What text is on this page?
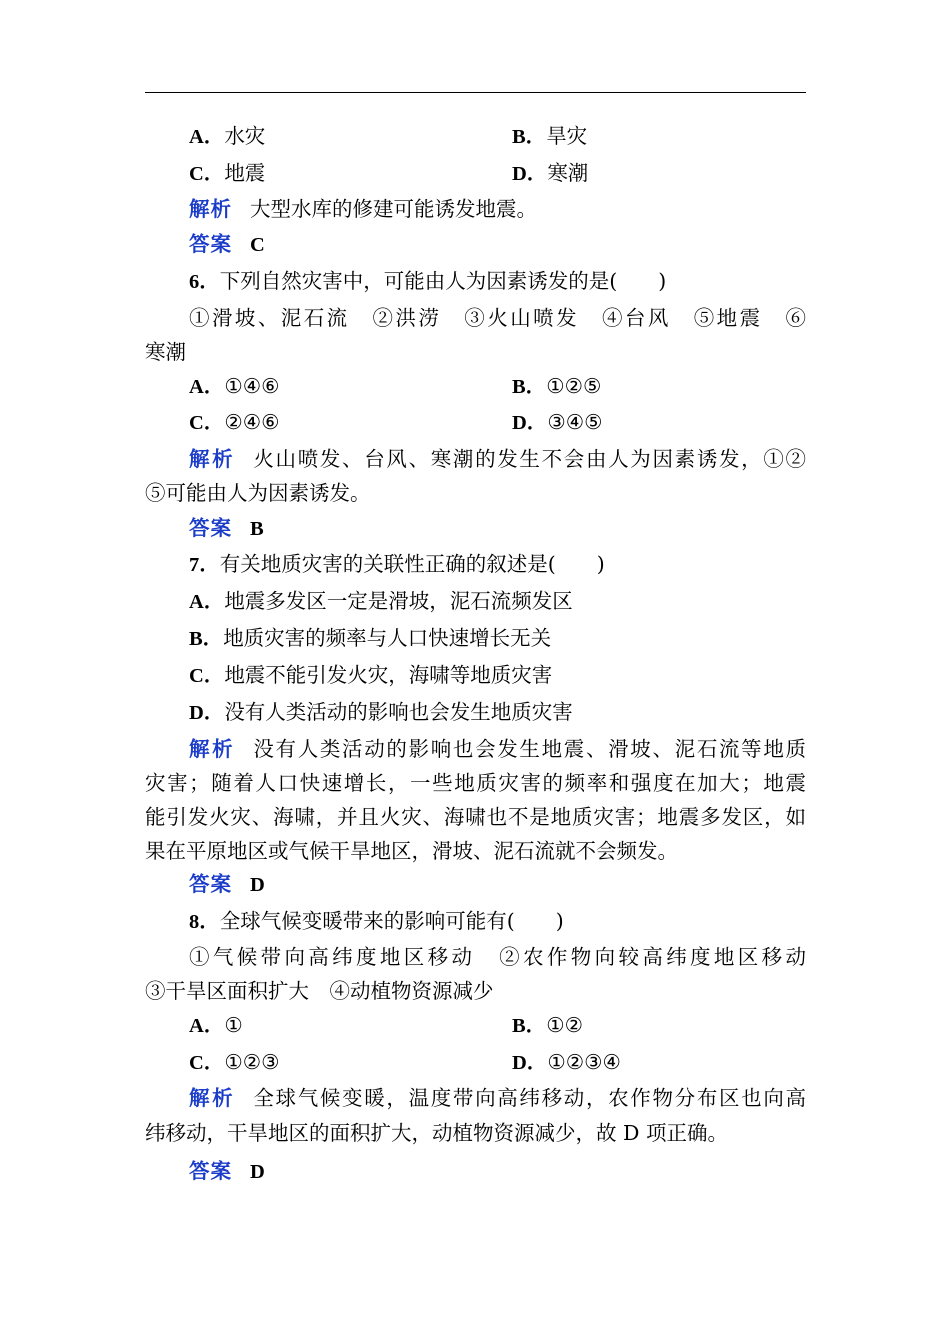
A．水灾	B．旱灾
C．地震	D．寒潮
解析 大型水库的修建可能诱发地震。
答案 C
6．下列自然灾害中，可能由人为因素诱发的是(　　)
①滑坡、泥石流　②洪涝　③火山喷发　④台风　⑤地震　⑥
寒潮
A．①④⑥	B．①②⑤
C．②④⑥	D．③④⑤
解析 火山喷发、台风、寒潮的发生不会由人为因素诱发，①②
⑤可能由人为因素诱发。
答案 B
7．有关地质灾害的关联性正确的叙述是(　　)
A．地震多发区一定是滑坡，泥石流频发区
B．地质灾害的频率与人口快速增长无关
C．地震不能引发火灾，海啸等地质灾害
D．没有人类活动的影响也会发生地质灾害
解析 没有人类活动的影响也会发生地震、滑坡、泥石流等地质
灾害；随着人口快速增长，一些地质灾害的频率和强度在加大；地震
能引发火灾、海啸，并且火灾、海啸也不是地质灾害；地震多发区，如
果在平原地区或气候干旱地区，滑坡、泥石流就不会频发。
答案 D
8．全球气候变暖带来的影响可能有(　　)
①气候带向高纬度地区移动　②农作物向较高纬度地区移动
③干旱区面积扩大　④动植物资源减少
A．①	B．①②
C．①②③	D．①②③④
解析 全球气候变暖，温度带向高纬移动，农作物分布区也向高
纬移动，干旱地区的面积扩大，动植物资源减少，故 D 项正确。
答案 D
